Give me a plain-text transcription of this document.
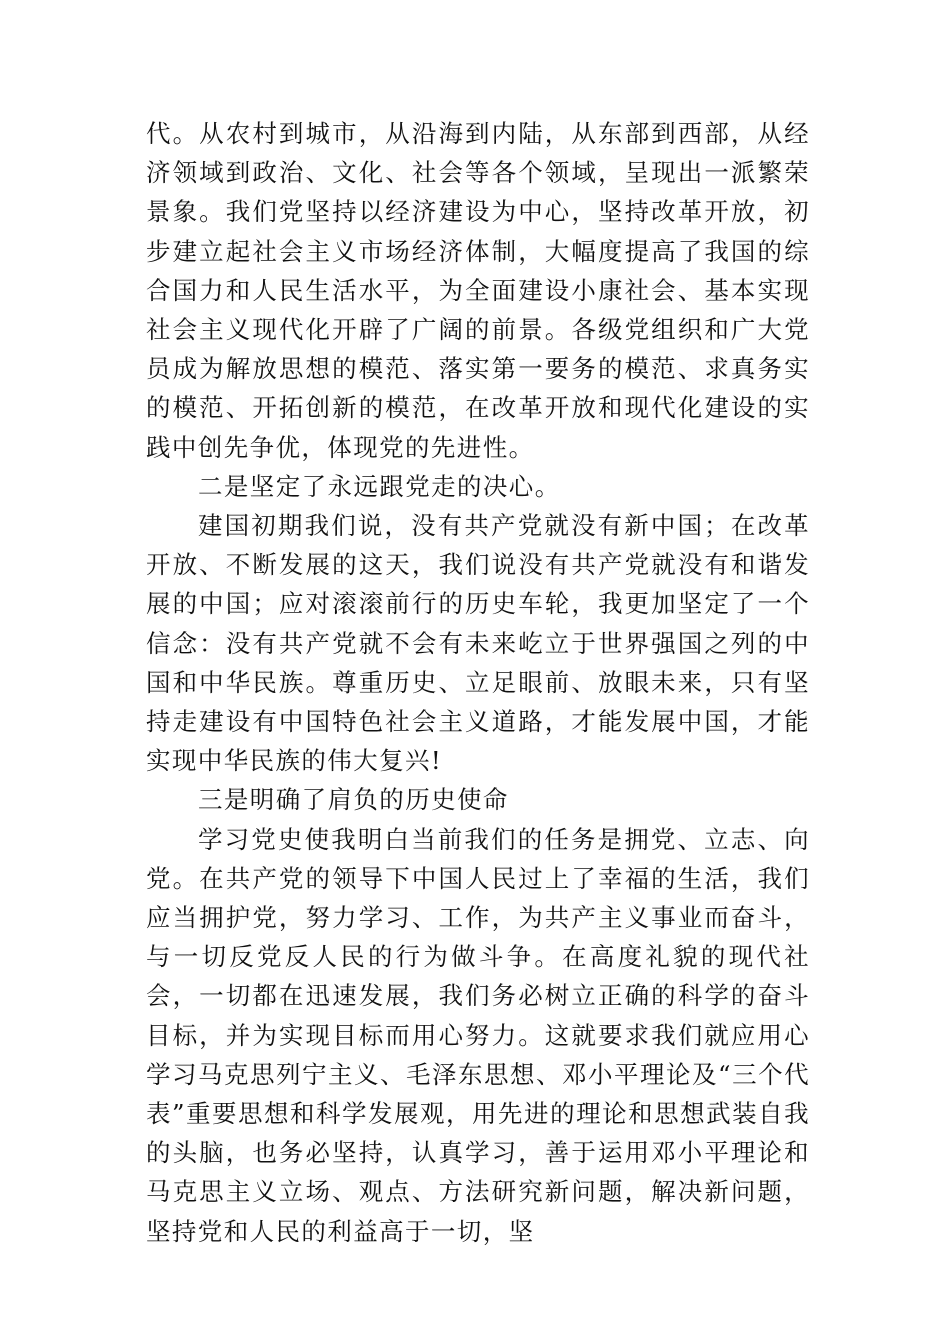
代。从农村到城市，从沿海到内陆，从东部到西部，从经济领域到政治、文化、社会等各个领域，呈现出一派繁荣景象。我们党坚持以经济建设为中心，坚持改革开放，初步建立起社会主义市场经济体制，大幅度提高了我国的综合国力和人民生活水平，为全面建设小康社会、基本实现社会主义现代化开辟了广阔的前景。各级党组织和广大党员成为解放思想的模范、落实第一要务的模范、求真务实的模范、开拓创新的模范，在改革开放和现代化建设的实践中创先争优，体现党的先进性。

二是坚定了永远跟党走的决心。

建国初期我们说，没有共产党就没有新中国；在改革开放、不断发展的这天，我们说没有共产党就没有和谐发展的中国；应对滚滚前行的历史车轮，我更加坚定了一个信念：没有共产党就不会有未来屹立于世界强国之列的中国和中华民族。尊重历史、立足眼前、放眼未来，只有坚持走建设有中国特色社会主义道路，才能发展中国，才能实现中华民族的伟大复兴!

三是明确了肩负的历史使命

学习党史使我明白当前我们的任务是拥党、立志、向党。在共产党的领导下中国人民过上了幸福的生活，我们应当拥护党，努力学习、工作，为共产主义事业而奋斗，与一切反党反人民的行为做斗争。在高度礼貌的现代社会，一切都在迅速发展，我们务必树立正确的科学的奋斗目标，并为实现目标而用心努力。这就要求我们就应用心学习马克思列宁主义、毛泽东思想、邓小平理论及“三个代表”重要思想和科学发展观，用先进的理论和思想武装自我的头脑，也务必坚持，认真学习，善于运用邓小平理论和马克思主义立场、观点、方法研究新问题，解决新问题，坚持党和人民的利益高于一切，坚
